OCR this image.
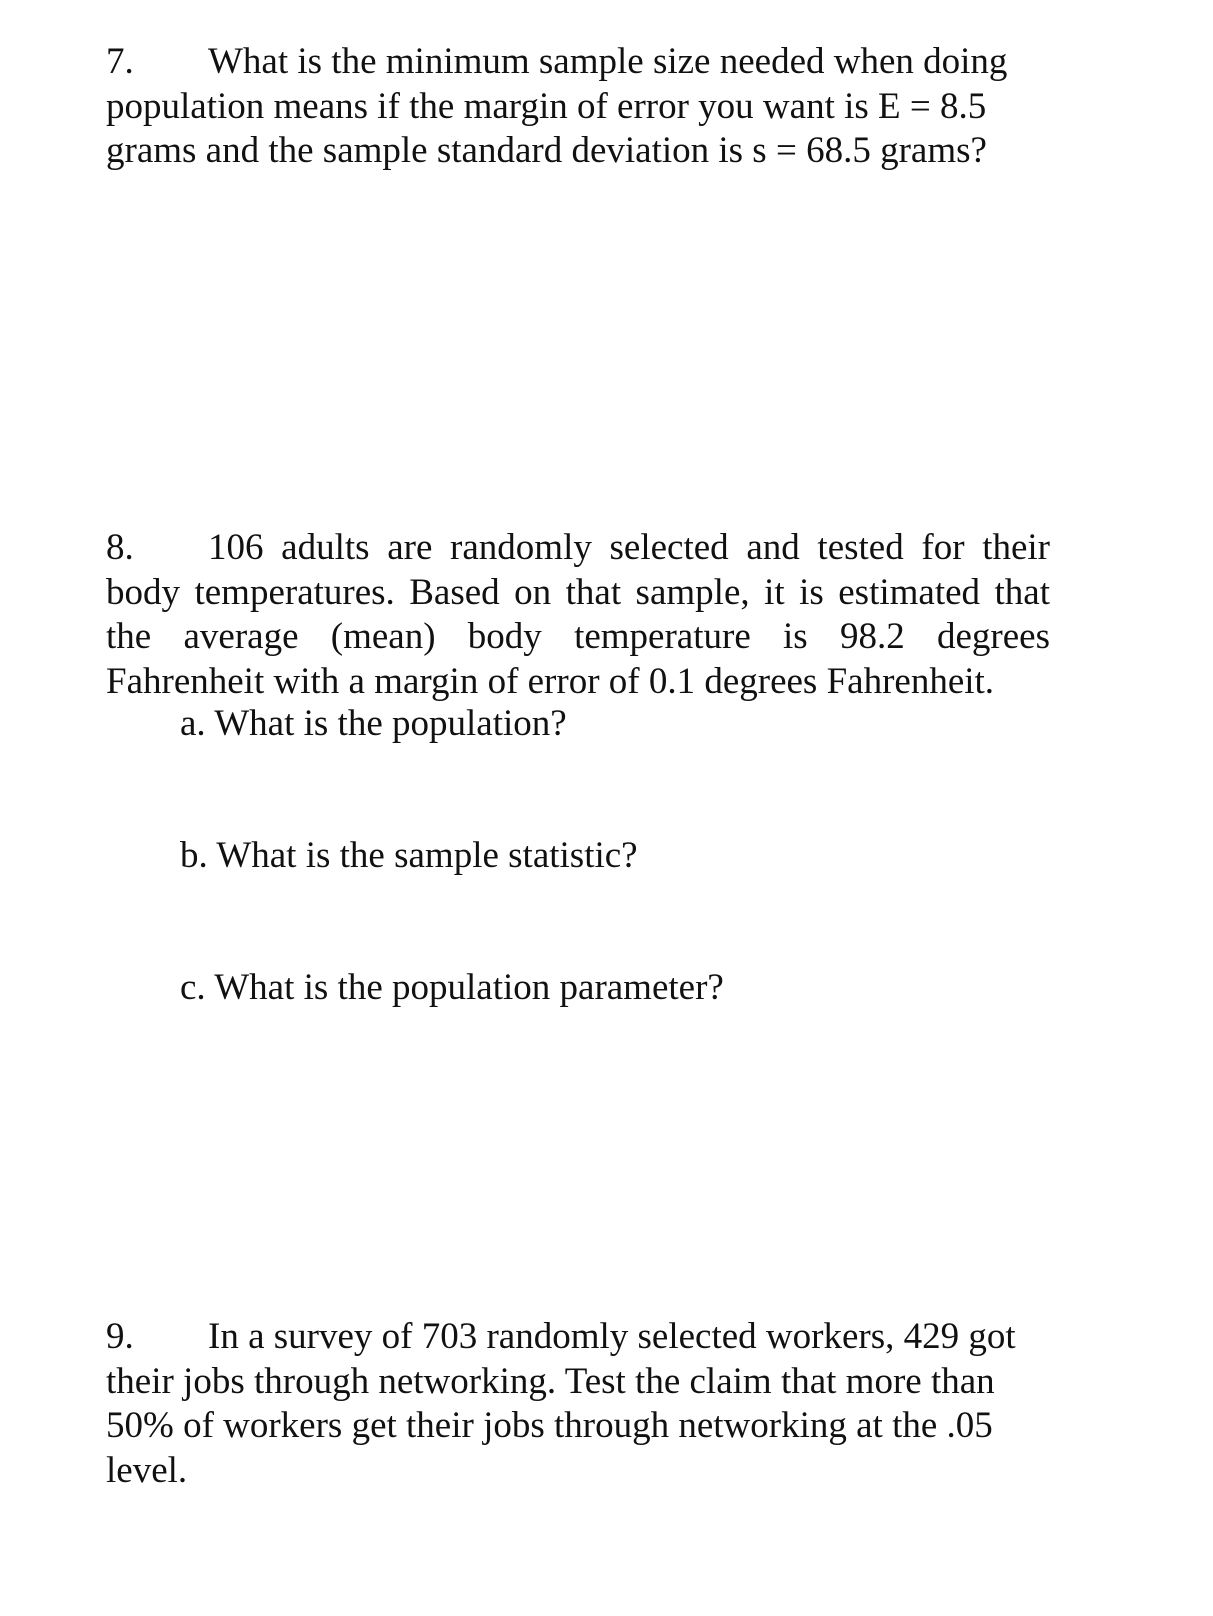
7. What is the minimum sample size needed when doing
population means if the margin of error you want is E = 8.5
grams and the sample standard deviation is s = 68.5 grams?
8. 106 adults are randomly selected and tested for their
body temperatures. Based on that sample, it is estimated that
the average (mean) body temperature is 98.2 degrees
Fahrenheit with a margin of error of 0.1 degrees Fahrenheit.
a. What is the population?
b. What is the sample statistic?
c. What is the population parameter?
9. In a survey of 703 randomly selected workers, 429 got
their jobs through networking. Test the claim that more than
50% of workers get their jobs through networking at the .05
level.
